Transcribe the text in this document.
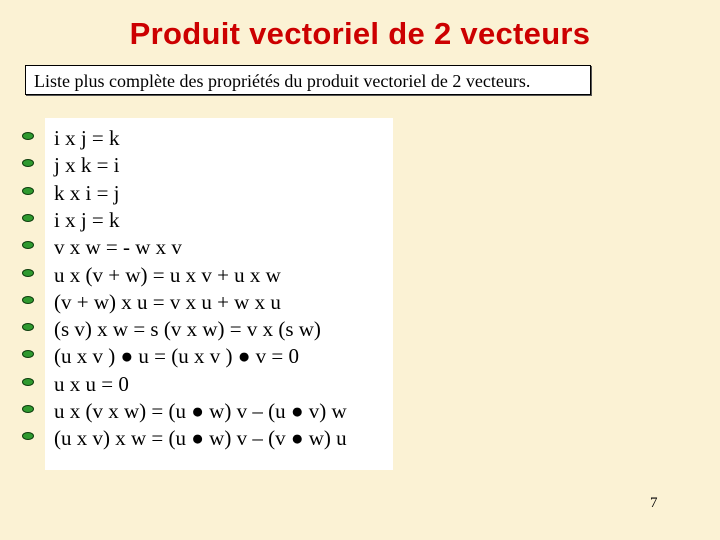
Produit vectoriel de 2 vecteurs
Liste plus complète des propriétés du produit vectoriel de 2 vecteurs.
i x j = k
j x k = i
k x i = j
i x j = k
v x w = - w x v
u x (v + w) = u x v + u x w
(v + w) x u = v x u + w x u
(s v) x w = s (v x w) = v x (s w)
(u x v ) ● u = (u x v ) ● v = 0
u x u = 0
u x (v x w) = (u ● w) v – (u ● v) w
(u x v) x w = (u ● w) v – (v ● w) u
7
